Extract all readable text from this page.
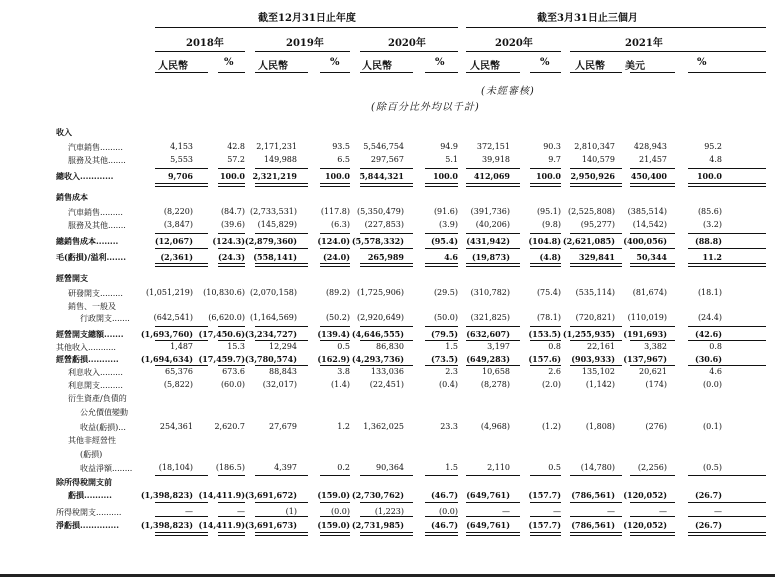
截至12月31日止年度	截至3月31日止三個月
2018年	2019年	2020年	2020年	2021年
人民幣	% 人民幣	% 人民幣	%	人民幣	%	人民幣 美元	%
(未經審核)
(除百分比外均以千計)
收入
汽車銷售.........	4,153	42.8 2,171,231	93.5 5,546,754	94.9 372,151	90.3 2,810,347 428,943	95.2
服務及其他.......	5,553	57.2 149,988	6.5	297,567	5.1	39,918	9.7	140,579	21,457	4.8
總收入............	9,706	100.0 2,321,219	100.0 5,844,321	100.0 412,069	100.0 2,950,926 450,400	100.0
銷售成本
汽車銷售.........	(8,220)	(84.7) (2,733,531)	(117.8) (5,350,479)	(91.6) (391,736)	(95.1) (2,525,808) (385,514)	(85.6)
服務及其他.......	(3,847)	(39.6) (145,829)	(6.3) (227,853)	(3.9) (40,206)	(9.8) (95,277) (14,542)	(3.2)
總銷售成本........	(12,067) (124.3) (2,879,360)	(124.0) (5,578,332)	(95.4) (431,942) (104.8) (2,621,085) (400,056)	(88.8)
毛(虧損)/溢利.......	(2,361)	(24.3) (558,141)	(24.0) 265,989	4.6 (19,873)	(4.8) 329,841	50,344	11.2
經營開支
研發開支.........	(1,051,219) (10,830.6) (2,070,158)	(89.2) (1,725,906)	(29.5) (310,782)	(75.4) (535,114) (81,674)	(18.1)
銷售、一般及
行政開支.......	(642,541) (6,620.0) (1,164,569)	(50.2) (2,920,649)	(50.0) (321,825)	(78.1) (720,821) (110,019)	(24.4)
經營開支總額....... (1,693,760) (17,450.6) (3,234,727)	(139.4) (4,646,555)	(79.5) (632,607) (153.5) (1,255,935) (191,693)	(42.6)
其他收入...........	1,487	15.3	12,294	0.5	86,830	1.5	3,197	0.8	22,161	3,382	0.8
經營虧損...........	(1,694,634) (17,459.7) (3,780,574)	(162.9) (4,293,736)	(73.5) (649,283) (157.6) (903,933) (137,967)	(30.6)
利息收入.........	65,376	673.6	88,843	3.8	133,036	2.3	10,658	2.6	135,102	20,621	4.6
利息開支.........	(5,822)	(60.0) (32,017)	(1.4) (22,451)	(0.4)	(8,278)	(2.0)	(1,142)	(174)	(0.0)
衍生資產/負債的
公允價值變動
收益(虧損)...	254,361	2,620.7	27,679	1.2 1,362,025	23.3	(4,968)	(1.2)	(1,808)	(276)	(0.1)
其他非經營性
(虧損)
收益淨額........	(18,104)	(186.5)	4,397	0.2	90,364	1.5	2,110	0.5 (14,780)	(2,256)	(0.5)
除所得稅開支前
虧損..........	(1,398,823) (14,411.9) (3,691,672)	(159.0) (2,730,762)	(46.7) (649,761) (157.7) (786,561) (120,052)	(26.7)
所得稅開支..........	—	—	(1)	(0.0)	(1,223)	(0.0)	—	—	—	—	—
淨虧損..............	(1,398,823) (14,411.9) (3,691,673)	(159.0) (2,731,985)	(46.7) (649,761) (157.7) (786,561) (120,052)	(26.7)
